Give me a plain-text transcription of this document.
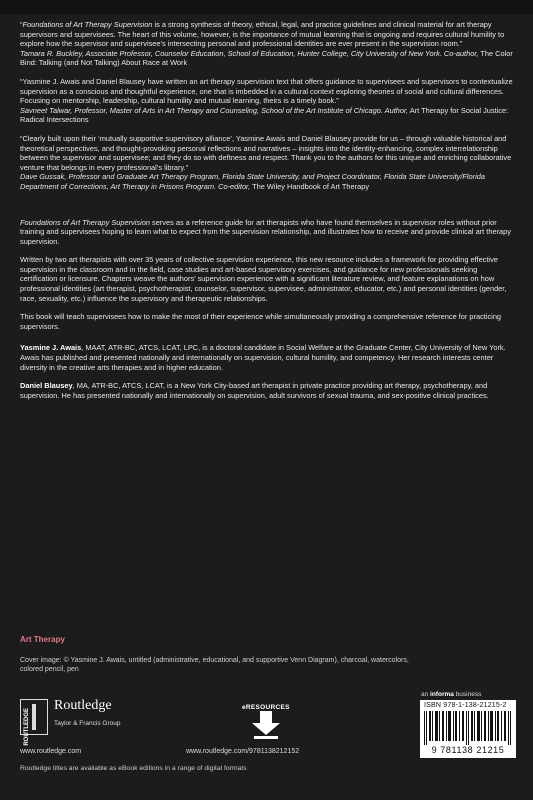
“Foundations of Art Therapy Supervision is a strong synthesis of theory, ethical, legal, and practice guidelines and clinical material for art therapy supervisors and supervisees. The heart of this volume, however, is the importance of mutual learning that is ongoing and requires cultural humility to explore how the supervisor and supervisee’s intersecting personal and professional identities are ever present in the supervision room.”

Tamara R. Buckley, Associate Professor, Counselor Education, School of Education, Hunter College, City University of New York. Co-author, The Color Bind: Talking (and Not Talking) About Race at Work

“Yasmine J. Awais and Daniel Blausey have written an art therapy supervision text that offers guidance to supervisees and supervisors to contextualize supervision as a conscious and thoughtful experience, one that is imbedded in a cultural context exploring theories of social and cultural differences. Focusing on mentorship, leadership, cultural humility and mutual learning, theirs is a timely book.”

Savneet Talwar, Professor, Master of Arts in Art Therapy and Counseling, School of the Art Institute of Chicago. Author, Art Therapy for Social Justice: Radical Intersections

“Clearly built upon their ‘mutually supportive supervisory alliance’, Yasmine Awais and Daniel Blausey provide for us – through valuable historical and theoretical perspectives, and thought-provoking personal reflections and narratives – insights into the identity-enhancing, complex interrelationship between the supervisor and supervisee; and they do so with deftness and respect. Thank you to the authors for this unique and enriching collaborative venture that belongs in every professional’s library.”

Dave Gussak, Professor and Graduate Art Therapy Program, Florida State University, and Project Coordinator, Florida State University/Florida Department of Corrections, Art Therapy in Prisons Program. Co-editor, The Wiley Handbook of Art Therapy

Foundations of Art Therapy Supervision serves as a reference guide for art therapists who have found themselves in supervisor roles without prior training and supervisees hoping to learn what to expect from the supervision relationship, and illustrates how to receive and provide clinical art therapy supervision.

Written by two art therapists with over 35 years of collective supervision experience, this new resource includes a framework for providing effective supervision in the classroom and in the field, case studies and art-based supervisory exercises, and guidance for new professionals seeking certification or licensure. Chapters weave the authors’ supervision experience with a significant literature review, and feature explanations on how professional identities (art therapist, psychotherapist, counselor, supervisor, supervisee, administrator, educator, etc.) and personal identities (gender, race, sexuality, etc.) influence the supervisory and therapeutic relationships.

This book will teach supervisees how to make the most of their experience while simultaneously providing a comprehensive reference for practicing supervisors.

Yasmine J. Awais, MAAT, ATR-BC, ATCS, LCAT, LPC, is a doctoral candidate in Social Welfare at the Graduate Center, City University of New York. Awais has published and presented nationally and internationally on supervision, cultural humility, and competency. Her research interests center diversity in the creative arts therapies and in higher education.

Daniel Blausey, MA, ATR-BC, ATCS, LCAT, is a New York City-based art therapist in private practice providing art therapy, psychotherapy, and supervision. He has presented nationally and internationally on supervision, adult survivors of sexual trauma, and sex-positive clinical practices.

Art Therapy
Cover image: © Yasmine J. Awais, untitled (administrative, educational, and supportive Venn Diagram), charcoal, watercolors, colored pencil, pen
an informa business
ROUTLEDGE
Routledge
Taylor & Francis Group
www.routledge.com
eRESOURCES
www.routledge.com/9781138212152
ISBN 978-1-138-21215-2
9 781138 21215
Routledge titles are available as eBook editions in a range of digital formats
